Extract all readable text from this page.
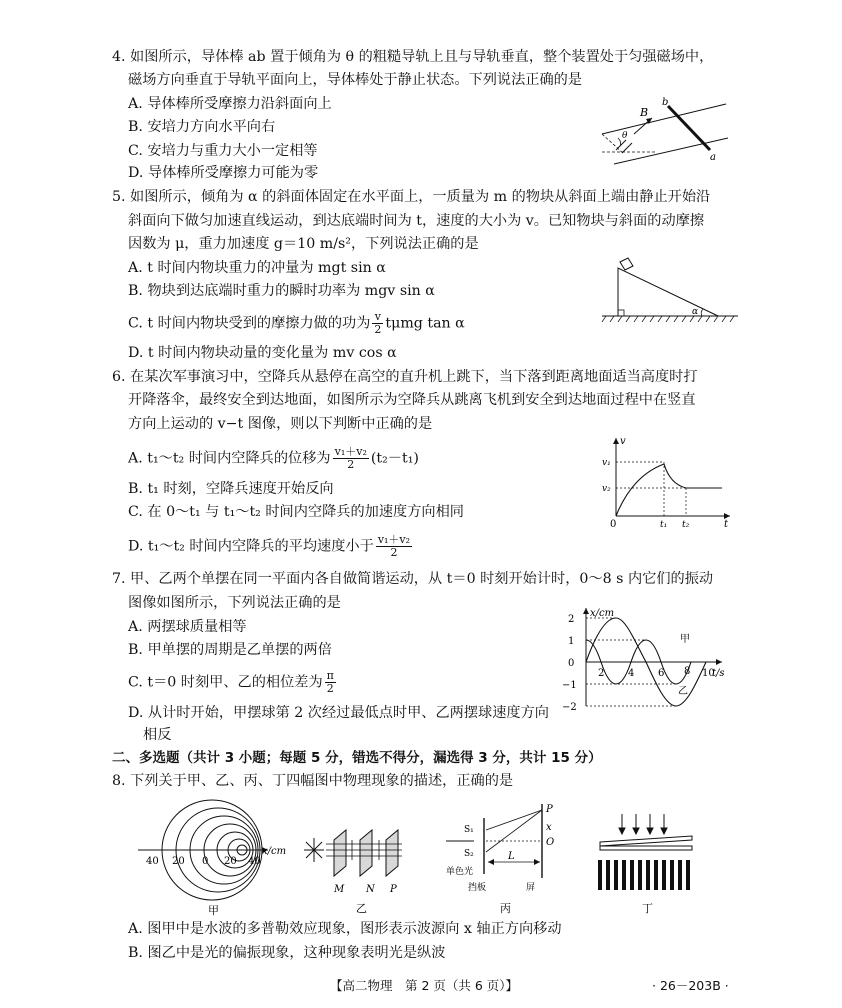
4. 如图所示，导体棒 ab 置于倾角为 θ 的粗糙导轨上且与导轨垂直，整个装置处于匀强磁场中，
磁场方向垂直于导轨平面向上，导体棒处于静止状态。下列说法正确的是
A. 导体棒所受摩擦力沿斜面向上
B. 安培力方向水平向右
C. 安培力与重力大小一定相等
D. 导体棒所受摩擦力可能为零
B
b
a
θ
5. 如图所示，倾角为 α 的斜面体固定在水平面上，一质量为 m 的物块从斜面上端由静止开始沿
斜面向下做匀加速直线运动，到达底端时间为 t，速度的大小为 v。已知物块与斜面的动摩擦
因数为 μ，重力加速度 g＝10 m/s²，下列说法正确的是
A. t 时间内物块重力的冲量为 mgt sin α
B. 物块到达底端时重力的瞬时功率为 mgv sin α
C. t 时间内物块受到的摩擦力做的功为 $\frac{v}{2}$ tμmg tan α
D. t 时间内物块动量的变化量为 mv cos α
α
6. 在某次军事演习中，空降兵从悬停在高空的直升机上跳下，当下落到距离地面适当高度时打
开降落伞，最终安全到达地面，如图所示为空降兵从跳离飞机到安全到达地面过程中在竖直
方向上运动的 v−t 图像，则以下判断中正确的是
A. t₁～t₂ 时间内空降兵的位移为 $\frac{\text{v₁＋v₂}}{2} (t_2-t_1)$
B. t₁ 时刻，空降兵速度开始反向
C. 在 0～t₁ 与 t₁～t₂ 时间内空降兵的加速度方向相同
D. t₁～t₂ 时间内空降兵的平均速度小于 $\frac{\text{v₁＋v₂}}{2}$
v
v₁
v₂
0	t₁ t₂	t
7. 甲、乙两个单摆在同一平面内各自做简谐运动，从 t＝0 时刻开始计时，0～8 s 内它们的振动
图像如图所示，下列说法正确的是
A. 两摆球质量相等
B. 甲单摆的周期是乙单摆的两倍
C. t＝0 时刻甲、乙的相位差为 $\frac{\pi}{2}$
D. 从计时开始，甲摆球第 2 次经过最低点时甲、乙两摆球速度方向
相反
2
1
0
−1
−2
2 4 6 8 10
x/cm
t/s
甲
乙
二、多选题（共计 3 小题；每题 5 分，错选不得分，漏选得 3 分，共计 15 分）
8. 下列关于甲、乙、丙、丁四幅图中物理现象的描述，正确的是
40 20 0 20 40
x/cm
甲
M N P
乙
S₁
S₂
P
x
O
L
单色光
挡板	屏
丙	丁
A. 图甲中是水波的多普勒效应现象，图形表示波源向 x 轴正方向移动
B. 图乙中是光的偏振现象，这种现象表明光是纵波
【高二物理　第 2 页（共 6 页）】	· 26－203B ·
